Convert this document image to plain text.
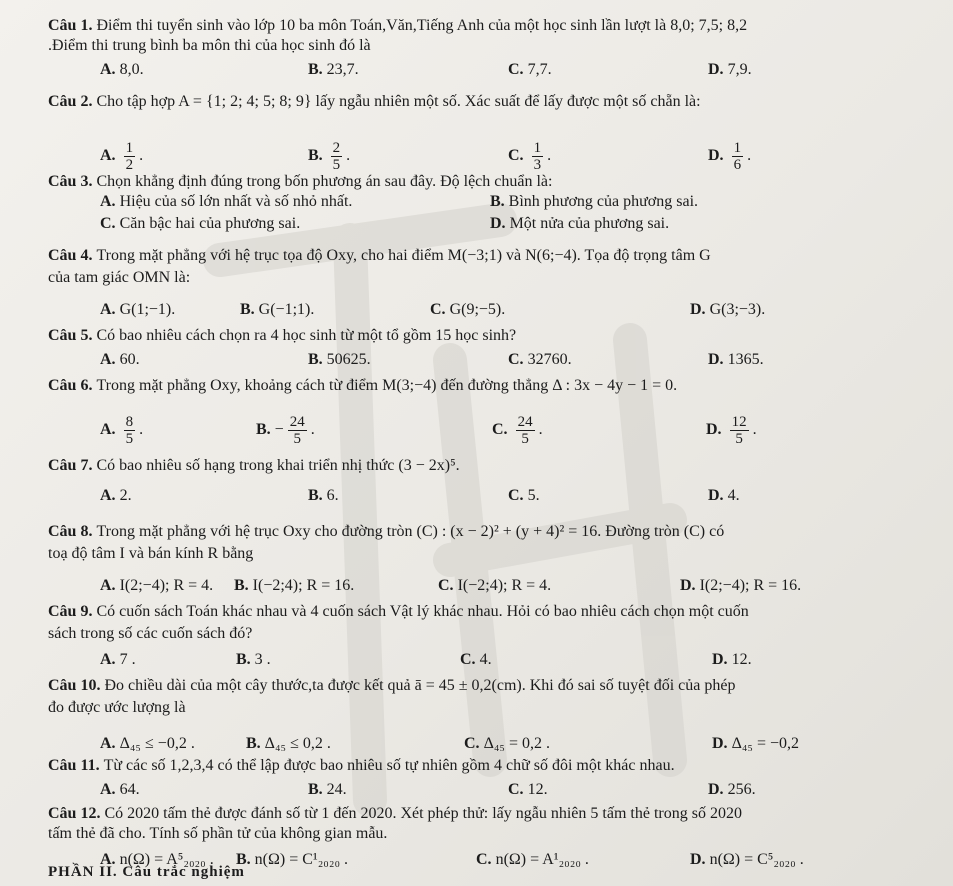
Câu 1. Điểm thi tuyển sinh vào lớp 10 ba môn Toán,Văn,Tiếng Anh của một học sinh lần lượt là 8,0; 7,5; 8,2
.Điểm thi trung bình ba môn thi của học sinh đó là
A. 8,0.	B. 23,7.	C. 7,7.	D. 7,9.
Câu 2. Cho tập hợp A = {1; 2; 4; 5; 8; 9} lấy ngẫu nhiên một số. Xác suất để lấy được một số chẵn là:
A. $\frac{1}{2}$ .	B. $\frac{2}{5}$ .	C. $\frac{1}{3}$ .	D. $\frac{1}{6}$ .
Câu 3. Chọn khẳng định đúng trong bốn phương án sau đây. Độ lệch chuẩn là:
A. Hiệu của số lớn nhất và số nhỏ nhất.	B. Bình phương của phương sai.
C. Căn bậc hai của phương sai.	D. Một nửa của phương sai.
Câu 4. Trong mặt phẳng với hệ trục tọa độ Oxy, cho hai điểm M(−3;1) và N(6;−4). Tọa độ trọng tâm G
của tam giác OMN là:
A. G(1;−1).	B. G(−1;1).	C. G(9;−5).	D. G(3;−3).
Câu 5. Có bao nhiêu cách chọn ra 4 học sinh từ một tổ gồm 15 học sinh?
A. 60.	B. 50625.	C. 32760.	D. 1365.
Câu 6. Trong mặt phẳng Oxy, khoảng cách từ điểm M(3;−4) đến đường thẳng Δ : 3x − 4y − 1 = 0.
A. $\frac{8}{5}$ .	B. − $\frac{24}{5}$ .	C. $\frac{24}{5}$ .	D. $\frac{12}{5}$ .
Câu 7. Có bao nhiêu số hạng trong khai triển nhị thức (3 − 2x)⁵.
A. 2.	B. 6.	C. 5.	D. 4.
Câu 8. Trong mặt phẳng với hệ trục Oxy cho đường tròn (C) : (x − 2)² + (y + 4)² = 16. Đường tròn (C) có
toạ độ tâm I và bán kính R bằng
A. I(2;−4); R = 4. B. I(−2;4); R = 16.	C. I(−2;4); R = 4.	D. I(2;−4); R = 16.
Câu 9. Có cuốn sách Toán khác nhau và 4 cuốn sách Vật lý khác nhau. Hỏi có bao nhiêu cách chọn một cuốn
sách trong số các cuốn sách đó?
A. 7 .	B. 3 .	C. 4.	D. 12.
Câu 10. Đo chiều dài của một cây thước,ta được kết quả ā = 45 ± 0,2(cm). Khi đó sai số tuyệt đối của phép
đo được ước lượng là
A. Δ₄₅ ≤ −0,2 .	B. Δ₄₅ ≤ 0,2 .	C. Δ₄₅ = 0,2 .	D. Δ₄₅ = −0,2
Câu 11. Từ các số 1,2,3,4 có thể lập được bao nhiêu số tự nhiên gồm 4 chữ số đôi một khác nhau.
A. 64.	B. 24.	C. 12.	D. 256.
Câu 12. Có 2020 tấm thẻ được đánh số từ 1 đến 2020. Xét phép thử: lấy ngẫu nhiên 5 tấm thẻ trong số 2020
tấm thẻ đã cho. Tính số phần tử của không gian mẫu.
A. n(Ω) = A⁵₂₀₂₀ . B. n(Ω) = C¹₂₀₂₀ .	C. n(Ω) = A¹₂₀₂₀ .	D. n(Ω) = C⁵₂₀₂₀ .
PHẦN II. Câu trắc nghiệm
